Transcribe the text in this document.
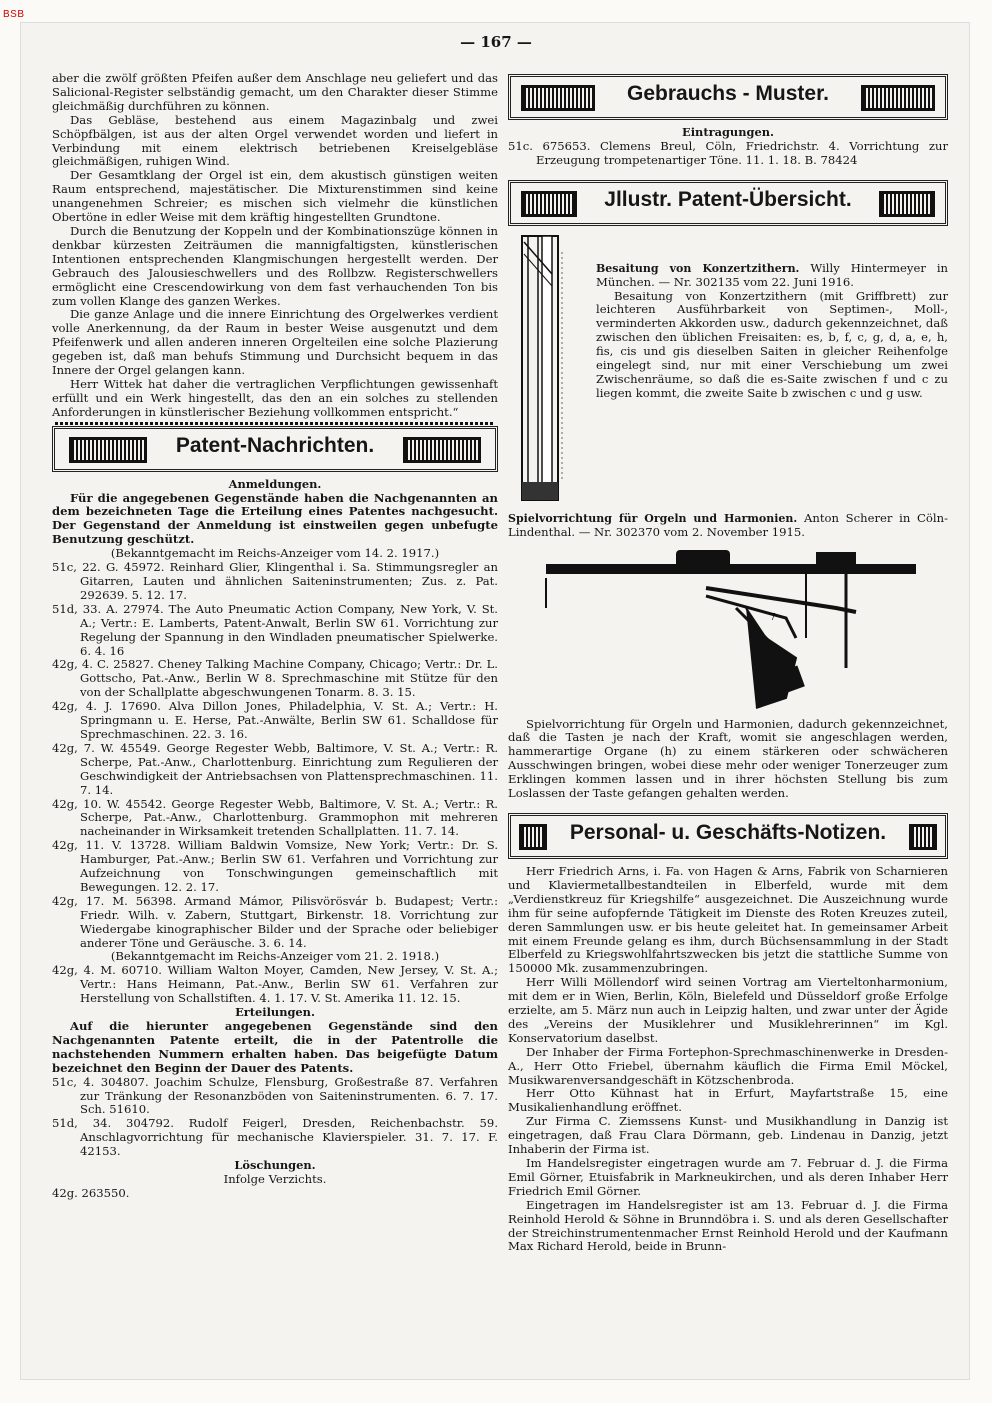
BSB
— 167 —

aber die zwölf größten Pfeifen außer dem Anschlage neu geliefert und das Salicional-Register selbständig gemacht, um den Charakter dieser Stimme gleichmäßig durchführen zu können.

Das Gebläse, bestehend aus einem Magazinbalg und zwei Schöpfbälgen, ist aus der alten Orgel verwendet worden und liefert in Verbindung mit einem elektrisch betriebenen Kreiselgebläse gleichmäßigen, ruhigen Wind.

Der Gesamtklang der Orgel ist ein, dem akustisch günstigen weiten Raum entsprechend, majestätischer. Die Mixturenstimmen sind keine unangenehmen Schreier; es mischen sich vielmehr die künstlichen Obertöne in edler Weise mit dem kräftig hingestellten Grundtone.

Durch die Benutzung der Koppeln und der Kombinationszüge können in denkbar kürzesten Zeiträumen die mannigfaltigsten, künstlerischen Intentionen entsprechenden Klangmischungen hergestellt werden. Der Gebrauch des Jalousieschwellers und des Rollbzw. Registerschwellers ermöglicht eine Crescendowirkung von dem fast verhauchenden Ton bis zum vollen Klange des ganzen Werkes.

Die ganze Anlage und die innere Einrichtung des Orgelwerkes verdient volle Anerkennung, da der Raum in bester Weise ausgenutzt und dem Pfeifenwerk und allen anderen inneren Orgelteilen eine solche Plazierung gegeben ist, daß man behufs Stimmung und Durchsicht bequem in das Innere der Orgel gelangen kann.

Herr Wittek hat daher die vertraglichen Verpflichtungen gewissenhaft erfüllt und ein Werk hingestellt, das den an ein solches zu stellenden Anforderungen in künstlerischer Beziehung vollkommen entspricht.“

Patent-Nachrichten.

Anmeldungen.

Für die angegebenen Gegenstände haben die Nachgenannten an dem bezeichneten Tage die Erteilung eines Patentes nachgesucht. Der Gegenstand der Anmeldung ist einstweilen gegen unbefugte Benutzung geschützt.

(Bekanntgemacht im Reichs-Anzeiger vom 14. 2. 1917.)

51c, 22. G. 45972. Reinhard Glier, Klingenthal i. Sa. Stimmungsregler an Gitarren, Lauten und ähnlichen Saiteninstrumenten; Zus. z. Pat. 292639. 5. 12. 17.

51d, 33. A. 27974. The Auto Pneumatic Action Company, New York, V. St. A.; Vertr.: E. Lamberts, Patent-Anwalt, Berlin SW 61. Vorrichtung zur Regelung der Spannung in den Windladen pneumatischer Spielwerke. 6. 4. 16

42g, 4. C. 25827. Cheney Talking Machine Company, Chicago; Vertr.: Dr. L. Gottscho, Pat.-Anw., Berlin W 8. Sprechmaschine mit Stütze für den von der Schallplatte abgeschwungenen Tonarm. 8. 3. 15.

42g, 4. J. 17690. Alva Dillon Jones, Philadelphia, V. St. A.; Vertr.: H. Springmann u. E. Herse, Pat.-Anwälte, Berlin SW 61. Schalldose für Sprechmaschinen. 22. 3. 16.

42g, 7. W. 45549. George Regester Webb, Baltimore, V. St. A.; Vertr.: R. Scherpe, Pat.-Anw., Charlottenburg. Einrichtung zum Regulieren der Geschwindigkeit der Antriebsachsen von Plattensprechmaschinen. 11. 7. 14.

42g, 10. W. 45542. George Regester Webb, Baltimore, V. St. A.; Vertr.: R. Scherpe, Pat.-Anw., Charlottenburg. Grammophon mit mehreren nacheinander in Wirksamkeit tretenden Schallplatten. 11. 7. 14.

42g, 11. V. 13728. William Baldwin Vomsize, New York; Vertr.: Dr. S. Hamburger, Pat.-Anw.; Berlin SW 61. Verfahren und Vorrichtung zur Aufzeichnung von Tonschwingungen gemeinschaftlich mit Bewegungen. 12. 2. 17.

42g, 17. M. 56398. Armand Mámor, Pilisvörösvár b. Budapest; Vertr.: Friedr. Wilh. v. Zabern, Stuttgart, Birkenstr. 18. Vorrichtung zur Wiedergabe kinographischer Bilder und der Sprache oder beliebiger anderer Töne und Geräusche. 3. 6. 14.

(Bekanntgemacht im Reichs-Anzeiger vom 21. 2. 1918.)

42g, 4. M. 60710. William Walton Moyer, Camden, New Jersey, V. St. A.; Vertr.: Hans Heimann, Pat.-Anw., Berlin SW 61. Verfahren zur Herstellung von Schallstiften. 4. 1. 17. V. St. Amerika 11. 12. 15.

Erteilungen.

Auf die hierunter angegebenen Gegenstände sind den Nachgenannten Patente erteilt, die in der Patentrolle die nachstehenden Nummern erhalten haben. Das beigefügte Datum bezeichnet den Beginn der Dauer des Patents.

51c, 4. 304807. Joachim Schulze, Flensburg, Großestraße 87. Verfahren zur Tränkung der Resonanzböden von Saiteninstrumenten. 6. 7. 17. Sch. 51610.

51d, 34. 304792. Rudolf Feigerl, Dresden, Reichenbachstr. 59. Anschlagvorrichtung für mechanische Klavierspieler. 31. 7. 17. F. 42153.

Löschungen.

Infolge Verzichts.

42g. 263550.

Gebrauchs - Muster.

Eintragungen.

51c. 675653. Clemens Breul, Cöln, Friedrichstr. 4. Vorrichtung zur Erzeugung trompetenartiger Töne. 11. 1. 18. B. 78424

Jllustr. Patent-Übersicht.

Besaitung von Konzertzithern. Willy Hintermeyer in München. — Nr. 302135 vom 22. Juni 1916.

Besaitung von Konzertzithern (mit Griffbrett) zur leichteren Ausführbarkeit von Septimen-, Moll-, verminderten Akkorden usw., dadurch gekennzeichnet, daß zwischen den üblichen Freisaiten: es, b, f, c, g, d, a, e, h, fis, cis und gis dieselben Saiten in gleicher Reihenfolge eingelegt sind, nur mit einer Verschiebung um zwei Zwischenräume, so daß die es-Saite zwischen f und c zu liegen kommt, die zweite Saite b zwischen c und g usw.

Spielvorrichtung für Orgeln und Harmonien. Anton Scherer in Cöln-Lindenthal. — Nr. 302370 vom 2. November 1915.

7

Spielvorrichtung für Orgeln und Harmonien, dadurch gekennzeichnet, daß die Tasten je nach der Kraft, womit sie angeschlagen werden, hammerartige Organe (h) zu einem stärkeren oder schwächeren Ausschwingen bringen, wobei diese mehr oder weniger Tonerzeuger zum Erklingen kommen lassen und in ihrer höchsten Stellung bis zum Loslassen der Taste gefangen gehalten werden.

Personal- u. Geschäfts-Notizen.

Herr Friedrich Arns, i. Fa. von Hagen & Arns, Fabrik von Scharnieren und Klaviermetallbestandteilen in Elberfeld, wurde mit dem „Verdienstkreuz für Kriegshilfe“ ausgezeichnet. Die Auszeichnung wurde ihm für seine aufopfernde Tätigkeit im Dienste des Roten Kreuzes zuteil, deren Sammlungen usw. er bis heute geleitet hat. In gemeinsamer Arbeit mit einem Freunde gelang es ihm, durch Büchsensammlung in der Stadt Elberfeld zu Kriegswohlfahrtszwecken bis jetzt die stattliche Summe von 150000 Mk. zusammenzubringen.

Herr Willi Möllendorf wird seinen Vortrag am Vierteltonharmonium, mit dem er in Wien, Berlin, Köln, Bielefeld und Düsseldorf große Erfolge erzielte, am 5. März nun auch in Leipzig halten, und zwar unter der Ägide des „Vereins der Musiklehrer und Musiklehrerinnen“ im Kgl. Konservatorium daselbst.

Der Inhaber der Firma Fortephon-Sprechmaschinenwerke in Dresden-A., Herr Otto Friebel, übernahm käuflich die Firma Emil Möckel, Musikwarenversandgeschäft in Kötzschenbroda.

Herr Otto Kühnast hat in Erfurt, Mayfartstraße 15, eine Musikalienhandlung eröffnet.

Zur Firma C. Ziemssens Kunst- und Musikhandlung in Danzig ist eingetragen, daß Frau Clara Dörmann, geb. Lindenau in Danzig, jetzt Inhaberin der Firma ist.

Im Handelsregister eingetragen wurde am 7. Februar d. J. die Firma Emil Görner, Etuisfabrik in Markneukirchen, und als deren Inhaber Herr Friedrich Emil Görner.

Eingetragen im Handelsregister ist am 13. Februar d. J. die Firma Reinhold Herold & Söhne in Brunndöbra i. S. und als deren Gesellschafter der Streichinstrumentenmacher Ernst Reinhold Herold und der Kaufmann Max Richard Herold, beide in Brunn-
